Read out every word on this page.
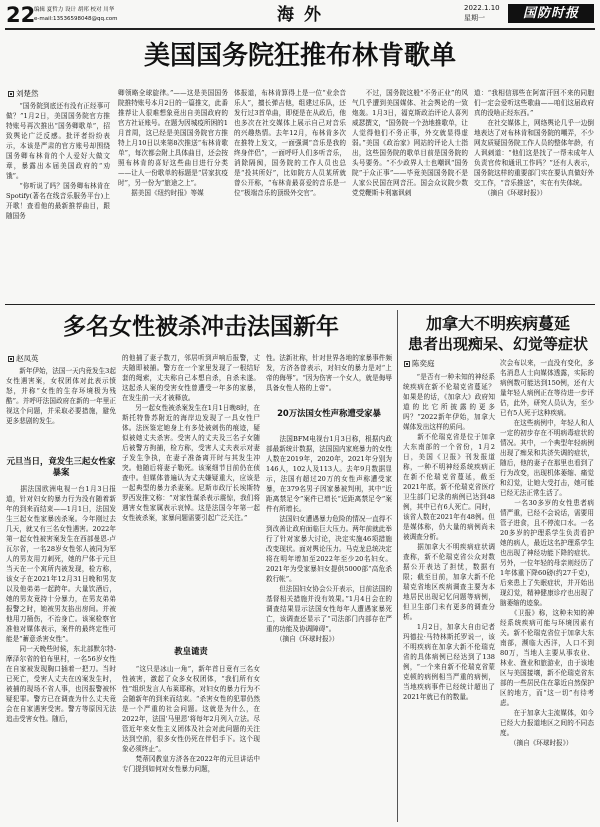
22
编辑 夏哲力 设计 胡邦 校对 川华
e-mail:13536598048@qq.com	海 外	2022.1.10
星期一	国防时报
美国国务院狂推布林肯歌单
刘楚然
　　“国务院到底还有没有正经事可做？”1月2日，美国国务院官方推特账号再次推出“国务卿歌单”，招致舆论广泛反感。批评者纷纷表示，本该是严肃的官方账号却围绕国务卿布林肯的个人爱好大做文章，暴露出本届美国政府的“劝饿”。
　　“你听说了吗？国务卿布林肯在Spotify(著名在线音乐服务平台)上开歌！查看他的最新推荐曲目，跟随国务
卿领略全球旋律。”——这是美国国务院推特账号本月2日的一篇推文，此番推荐让人很难想象竟出自美国政府的官方社证账号。在题为因城疫所困的1月首周，这已经是美国国务院官方推特上月10日以来第8次推送“布林肯歌单”，每次都会附上具体曲目，还会按照布林肯的喜好这些曲目进行分类——让人一份歌单的标题是“居家抗疫时”，另一份为“旅途之上”。
　　据美国《纽约时报》等媒
体报道，布林肯算得上是一位“业余音乐人”，擅长弹吉他，组建过乐队，还发行过3首单曲，即便是在从政后，他也多次在社交媒体上展示自己对音乐的兴趣热情。去年12月，布林肯多次在推特上发文，一面强调“音乐是我的终身伴侣”，一面呼吁人们多听音乐，消除隔阂，国务院的工作人员也总是“投其所好”，比如院方人员某所就曾公开称，“布林肯最喜爱的音乐是一位“极端音乐的顶级外交官”。
　　不过，国务院这般“不务正业”的风气几乎遭到美国媒体、社会舆论的一致炮轰。1月3日，福克斯政治评论人喜列威瑟撰文，“国务院一个劲地推歌单，让人觉得他们不务正事，外交就显得虚弱。”美国《政治家》网站的评论人士指出，这些国务院的歌单目前是国务院的头号要务。“不少政界人士也嘲讽“国务院”于众正事”——毕竟美国国务院不是人家公民国在网音汪。国会众议院少数党党鞭斯卡利塞讽刺
道：“我相信那些在阿富汗回不来的同胞们一定会爱听这些歌曲——咱们这届政府真的没啥正经东西。”
　　在社交媒体上，网络舆论几乎一边倒地表达了对布林肯和国务院的嘲弄，不少网友质疑国务院工作人员的整体年龄，有人讽刺道：“他们这是找了一帮未成年人负责官传和通讯工作吗？”还有人表示，国务院这样的重要部门实在要认真做好外交工作，“音乐推送”，实在有失体统。
　　（摘自《环球时报》）
多名女性被杀冲击法国新年
赵凤英
　　新年伊始，法国一天内竟发生3起女性遇害案，女权团体对此表示愤怒，并称“女性的生存环境极为残酷”。并呼吁法国政府在新的一年里正视这个问题，并采取必要措施，避免更多悲剧的发生。
元旦当日，竟发生三起女性家暴案
　　据法国欧洲电视一台1月3日报道，针对妇女的暴力行为没有随着新年的到来而结束——1月1日，法国发生三起女性家暴凶杀案。今年刚过去几天，就又有三名女性遇害。2022年第一起女性被害案发生在西部曼恩-卢瓦尔省，一名28岁女性邻人被同为军人的男友用刀刺死，她的尸体于元旦当天在一个寓所内被发现，检方称，该女子在2021年12月31日晚和男友以及他弟弟一起跨年。大量饮酒后，她的男友竟持十分暴力，在男友弟弟报警之时，她被男友掐出房间。并被他用刀捅伤，不治身亡。该案检察官准他对媒体表示，案件的最终定性可能是“蓄意杀害女性”。
　　同一天晚些时候，东北部默尔特-摩泽尔省的伯布里村，一名56岁女性在自家被发现胸口插着一把刀。当时已死亡，受害人丈夫在凶案发生时，被捕的现场不省人事，也因报警被怀疑犯罪。警方已在调查为什么丈夫竟会在自家遇害受害。警方等原因无法追击受害女性。随后，
的他捕了妻子数刀，邻居听到声响后报警，丈夫随即被捕。警方在一个家里发现了一根结好套的绳索，丈夫称自己本想自杀，自杀未遂。这起杀人案的受害女性曾遭受一年多的家暴，在发生前一天才被释放。
　　另一起女性被杀案发生在1月1日晚8时，在斯托特鲁苏附近的海岸边发现了一具女性尸体。法医鉴定她身上有多处被刺伤的痕迹，疑似被她丈夫杀害。受害人的丈夫及三名子女随后被警方拘捕，检方称，受害人丈夫表示对妻子发生争执，在妻子准备离开时与其发生冲突。他随后将妻子勒死。该案细节目前仍在侦查中。但媒体普遍认为丈夫嫌疑重大，应该是一起典型的暴力杀妻案。尼斯市政厅长埃斯特罗西发推文称：“对家性谋杀表示震惊，我们将遇害女性家属表示哀悼。这是法国今年第一起女性被杀案，家暴问题需要引起广泛关注。”
教皇谴责
　　“这只是冰山一角”，新年首日竟有三名女性被害，激起了众多女权团体，“我们所有女性”组织发言人布莱耶称，对妇女的暴力行为不会随新年的到来而结束。“杀害女性的犯罪仍然是一个严重的社会问题。这就是为什么，在2022年，法国‘马里恩’将每年2月列入立法。尽管近年来女性主义团体及社会对此问题的关注达到空前，很多女性仍死在伴侣手下。这个现象必须终止”。
　　梵蒂冈教皇方济各在2022年的元旦讲话中专门提到如何对女性暴力问题，
性。法新社称，针对世界各地的家暴事件频发，方济各曾表示，对妇女的暴力是对“上帝的侮辱”。“因为伤害一个女人，就是侮辱具备女性人格的上帝”。
20万法国女性声称遭受家暴
　　法国BFM电视台1月3日称，根据内政部最新统计数据，法国国内家庭暴力的女性人数在2019年，2020年，2021年分别为146人，102人及113人。去年9月数据显示，法国有超过20万的女性声称遭受家暴，在379名男子因家暴被判刑，其中“近距离禁足令”案件已增长“近距离禁足令”案件有所增长。
　　法国妇女遭遇暴力危险的情况一直得不到改善让政府面临巨大压力。两年前就此举行了针对家暴大讨论，决定实施46项措施改变现状。面对舆论压力。马克龙总统决定将在明年增加至2022年至少20名妇女。2021年为受家暴妇女提供5000部“高危杀救行帐”。
　　但法国妇女协会公开表示，目前法国的基督相关措施并没有效果。”1月4日会在的调查结果显示法国女性每年人遭遇家暴死亡，该调查还显示了“司法部门内部存在严重的功能及协调障碍”。
　　（摘自《环球时报》）
加拿大不明疾病蔓延
患者出现痴呆、幻觉等症状
陈奕庭
　　“是否有一种未知的神经系统疾病在新不伦瑞克省蔓延？如果是的话，《加拿大》政府知道的比它所披露的更多吗？”2022新年伊始，加拿大媒体发出这样的质问。
　　新不伦瑞克省是位于加拿大东南部的一个省份，1月2日，美国《卫报》刊发报道称，一种不明神经系统疾病正在新不伦瑞克省蔓延，截至2021年底，新不伦瑞克省医疗卫生部门记录的病例已达到48例，其中已有6人死亡。同时，该省人数在2021年有48例。但是媒体称，仍大量的病例尚未被调查分析。
　　据加拿大不明疾病症状调查称，新不伦瑞克省公众对数据公开表达了担忧，数据有限；截至目前，加拿大新不伦瑞克省地区疾病调查主要为本地居民出现记忆问题等病例，但卫生部门未有更多的调查分析。
　　1月2日，加拿大自由记者玛德拉·马特林斯托罗说一，该不明疾病在加拿大新不伦瑞克省的具体病例已经达到了138例，“一个来自新不伦瑞克省蒙克顿的病例相当严重的病例，当地疾病事件已经统计超出了2021年就已有的数量。
次会布以来，一直没有变化，多名消息人士向媒体透露，实际的病例数可能达到150例，还有大量年轻人病例正在等待进一步评估，此外，研究人员认为，至少已有5人死于这种疾病。
　　在这些病例中，年轻人和人一定的初步存在不明病毒症状的情况。其中，一个典型年轻病例出现了痴呆和共济失调的症状，随后，他的妻子在那里也看到了行为改变，出现机体萎缩、痛觉和幻觉，让她大受打击，她可能已经无法正常生活了。
　　一名30多岁的女性患者病情严重，已经不会说话，需要用管子进食，且不停流口水。一名20多岁的护理系学生负责看护她的病人，最近这名护理系学生也出现了神经功能下降的症状。另外，一位年轻的母亲则经历了1年体重下降60磅(约27千克)，后来患上了失眠症状，并开始出现幻觉，精神健康诊疗也出现了脑萎缩的迹象。
　　《卫报》称，这种未知的神经系统疾病可能与环境因素有关。新不伦瑞克省位于加拿大东南部，濒临大西洋，人口不到80万，当地人主要从事农业、林业、渔业和旅游业，由于该地区与美国接壤，新不伦瑞克省东部的一些居民住在靠近自然保护区的地方，而“这一切”有待考虑。
　　在于加拿大主流媒体，如今已经大力报道地区之间的不同态度。
　　（摘自《环球时报》）
